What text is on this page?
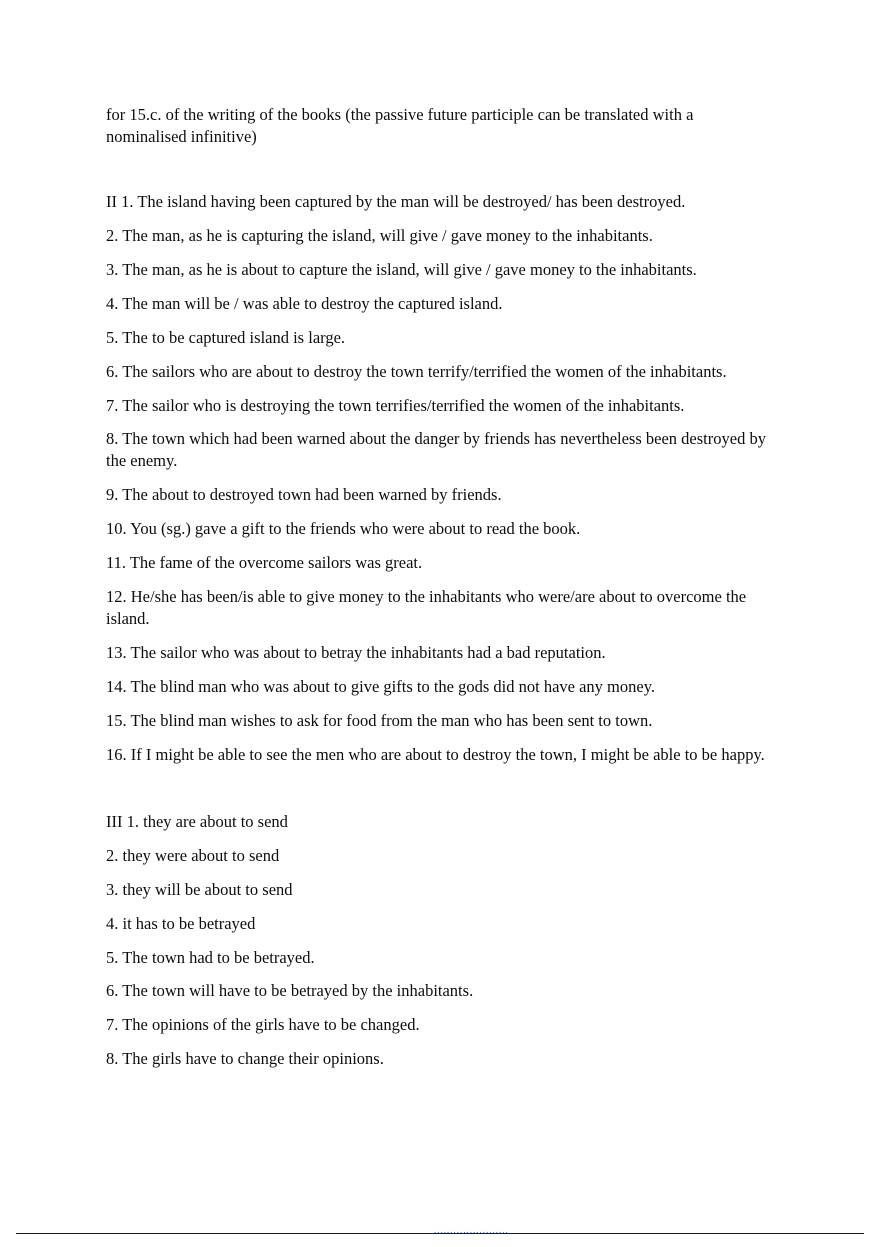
for 15.c. of the writing of the books (the passive future participle can be translated with a nominalised infinitive)

II 1. The island having been captured by the man will be destroyed/ has been destroyed.

2. The man, as he is capturing the island, will give / gave money to the inhabitants.

3. The man, as he is about to capture the island, will give / gave money to the inhabitants.

4. The man will be / was able to destroy the captured island.

5. The to be captured island is large.

6. The sailors who are about to destroy the town terrify/terrified the women of the inhabitants.

7. The sailor who is destroying the town terrifies/terrified the women of the inhabitants.

8. The town which had been warned about the danger by friends has nevertheless been destroyed by the enemy.

9. The about to destroyed town had been warned by friends.

10. You (sg.) gave a gift to the friends who were about to read the book.

11. The fame of the overcome sailors was great.

12. He/she has been/is able to give money to the inhabitants who were/are about to overcome the island.

13. The sailor who was about to betray the inhabitants had a bad reputation.

14. The blind man who was about to give gifts to the gods did not have any money.

15. The blind man wishes to ask for food from the man who has been sent to town.

16. If I might be able to see the men who are about to destroy the town, I might be able to be happy.

III 1. they are about to send

2. they were about to send

3. they will be about to send

4. it has to be betrayed

5. The town had to be betrayed.

6. The town will have to be betrayed by the inhabitants.

7. The opinions of the girls have to be changed.

8. The girls have to change their opinions.

.......................
